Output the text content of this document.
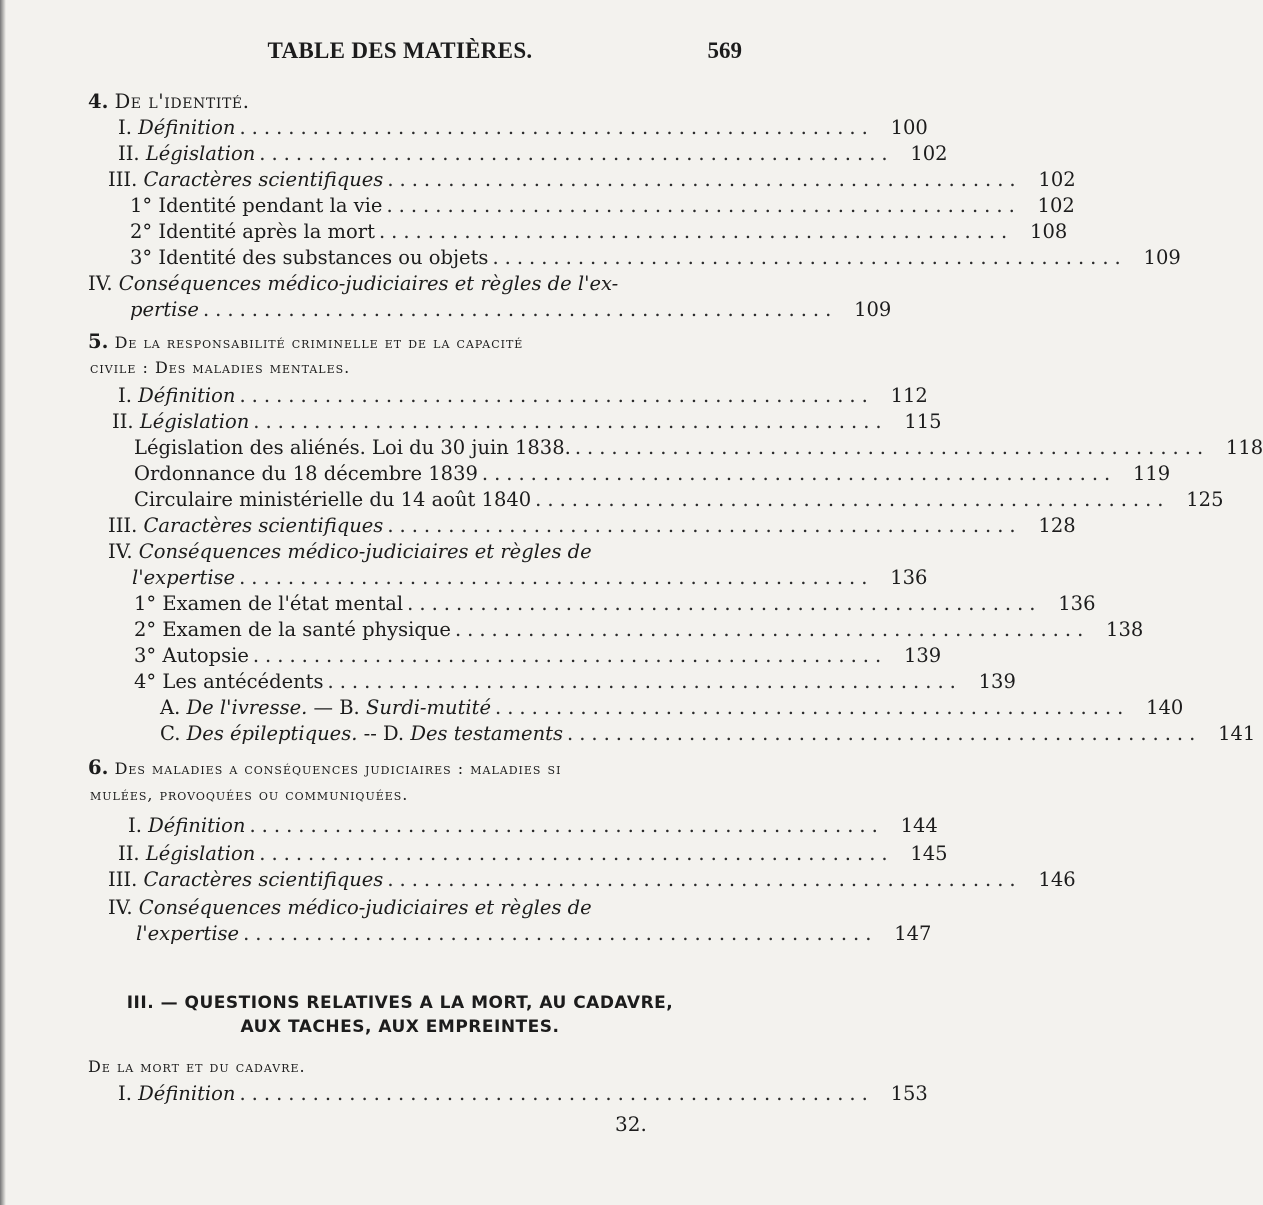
TABLE DES MATIÈRES.	569
4. De l'identité.
I. Définition .................................................... 100
II. Législation .................................................... 102
III. Caractères scientifiques .................................................... 102
1° Identité pendant la vie .................................................... 102
2° Identité après la mort .................................................... 108
3° Identité des substances ou objets .................................................... 109
IV. Conséquences médico-judiciaires et règles de l'ex-
pertise .................................................... 109
5. De la responsabilité criminelle et de la capacité
civile : Des maladies mentales.
I. Définition .................................................... 112
II. Législation .................................................... 115
Législation des aliénés. Loi du 30 juin 1838. .................................................... 118
Ordonnance du 18 décembre 1839 .................................................... 119
Circulaire ministérielle du 14 août 1840 .................................................... 125
III. Caractères scientifiques .................................................... 128
IV. Conséquences médico-judiciaires et règles de
l'expertise .................................................... 136
1° Examen de l'état mental .................................................... 136
2° Examen de la santé physique .................................................... 138
3° Autopsie .................................................... 139
4° Les antécédents .................................................... 139
A. De l'ivresse. — B. Surdi-mutité .................................................... 140
C. Des épileptiques. -- D. Des testaments .................................................... 141
6. Des maladies a conséquences judiciaires : maladies si
mulées, provoquées ou communiquées.
I. Définition .................................................... 144
II. Législation .................................................... 145
III. Caractères scientifiques .................................................... 146
IV. Conséquences médico-judiciaires et règles de
l'expertise .................................................... 147
III. — QUESTIONS RELATIVES A LA MORT, AU CADAVRE,
AUX TACHES, AUX EMPREINTES.
De la mort et du cadavre.
I. Définition .................................................... 153
32.
